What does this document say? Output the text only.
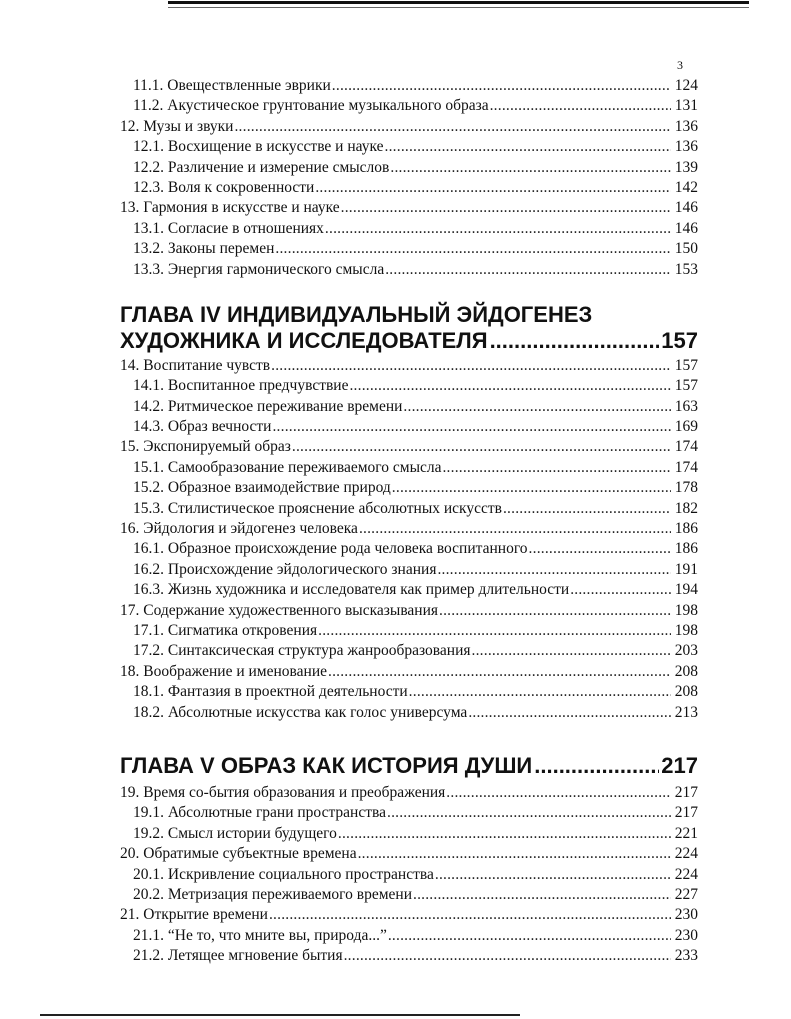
3
11.1. Овеществленные эврики .....	124
11.2. Акустическое грунтование музыкального образа .....	131
12. Музы и звуки .....	136
12.1. Восхищение в искусстве и науке .....	136
12.2. Различение и измерение смыслов .....	139
12.3. Воля к сокровенности .....	142
13. Гармония в искусстве и науке .....	146
13.1. Согласие в отношениях .....	146
13.2. Законы перемен .....	150
13.3. Энергия гармонического смысла .....	153
ГЛАВА IV ИНДИВИДУАЛЬНЫЙ ЭЙДОГЕНЕЗ
ХУДОЖНИКА И ИССЛЕДОВАТЕЛЯ .....	157
14. Воспитание чувств .....	157
14.1. Воспитанное предчувствие .....	157
14.2. Ритмическое переживание времени .....	163
14.3. Образ вечности .....	169
15. Экспонируемый образ .....	174
15.1. Самообразование переживаемого смысла .....	174
15.2. Образное взаимодействие природ .....	178
15.3. Стилистическое прояснение абсолютных искусств .....	182
16. Эйдология и эйдогенез человека .....	186
16.1. Образное происхождение рода человека воспитанного .....	186
16.2. Происхождение эйдологического знания .....	191
16.3. Жизнь художника и исследователя как пример длительности .....	194
17. Содержание художественного высказывания .....	198
17.1. Сигматика откровения .....	198
17.2. Синтаксическая структура жанрообразования .....	203
18. Воображение и именование .....	208
18.1. Фантазия в проектной деятельности .....	208
18.2. Абсолютные искусства как голос универсума .....	213
ГЛАВА V ОБРАЗ КАК ИСТОРИЯ ДУШИ .....	217
19. Время со-бытия образования и преображения .....	217
19.1. Абсолютные грани пространства .....	217
19.2. Смысл истории будущего .....	221
20. Обратимые субъектные времена .....	224
20.1. Искривление социального пространства .....	224
20.2. Метризация переживаемого времени .....	227
21. Открытие времени .....	230
21.1. “Не то, что мните вы, природа...” .....	230
21.2. Летящее мгновение бытия .....	233
